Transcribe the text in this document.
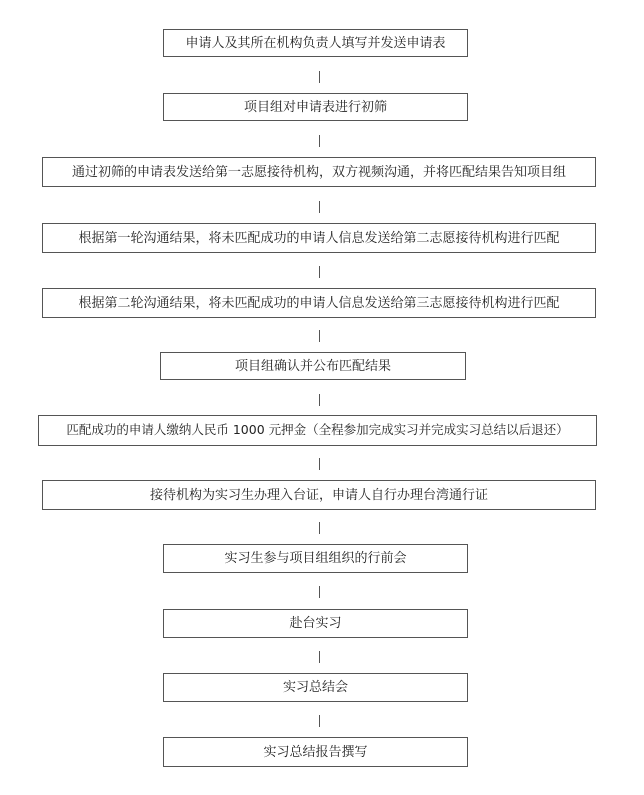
申请人及其所在机构负责人填写并发送申请表
项目组对申请表进行初筛
通过初筛的申请表发送给第一志愿接待机构，双方视频沟通，并将匹配结果告知项目组
根据第一轮沟通结果，将未匹配成功的申请人信息发送给第二志愿接待机构进行匹配
根据第二轮沟通结果，将未匹配成功的申请人信息发送给第三志愿接待机构进行匹配
项目组确认并公布匹配结果
匹配成功的申请人缴纳人民币 1000 元押金（全程参加完成实习并完成实习总结以后退还）
接待机构为实习生办理入台证，申请人自行办理台湾通行证
实习生参与项目组组织的行前会
赴台实习
实习总结会
实习总结报告撰写
